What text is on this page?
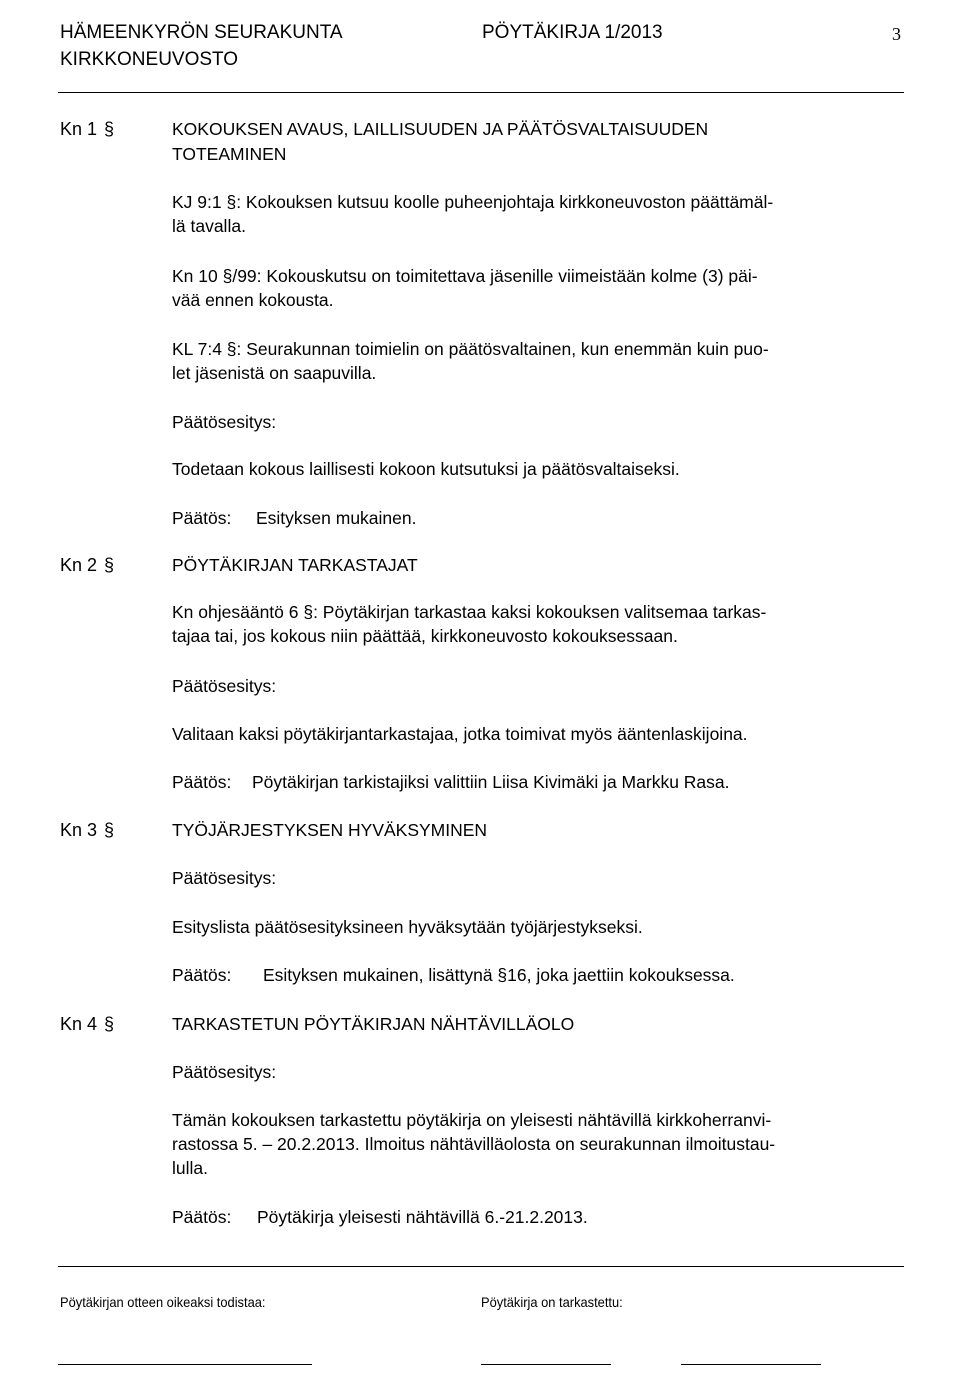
HÄMEENKYRÖN SEURAKUNTA
KIRKKONEUVOSTO
PÖYTÄKIRJA 1/2013	3
Kn 1 §	KOKOUKSEN AVAUS, LAILLISUUDEN JA PÄÄTÖSVALTAISUUDEN
TOTEAMINEN
KJ 9:1 §: Kokouksen kutsuu koolle puheenjohtaja kirkkoneuvoston päättämäl-
lä tavalla.
Kn 10 §/99: Kokouskutsu on toimitettava jäsenille viimeistään kolme (3) päi-
vää ennen kokousta.
KL 7:4 §: Seurakunnan toimielin on päätösvaltainen, kun enemmän kuin puo-
let jäsenistä on saapuvilla.
Päätösesitys:
Todetaan kokous laillisesti kokoon kutsutuksi ja päätösvaltaiseksi.
Päätös: Esityksen mukainen.
Kn 2 §	PÖYTÄKIRJAN TARKASTAJAT
Kn ohjesääntö 6 §: Pöytäkirjan tarkastaa kaksi kokouksen valitsemaa tarkas-
tajaa tai, jos kokous niin päättää, kirkkoneuvosto kokouksessaan.
Päätösesitys:
Valitaan kaksi pöytäkirjantarkastajaa, jotka toimivat myös ääntenlaskijoina.
Päätös: Pöytäkirjan tarkistajiksi valittiin Liisa Kivimäki ja Markku Rasa.
Kn 3 §	TYÖJÄRJESTYKSEN HYVÄKSYMINEN
Päätösesitys:
Esityslista päätösesityksineen hyväksytään työjärjestykseksi.
Päätös: Esityksen mukainen, lisättynä §16, joka jaettiin kokouksessa.
Kn 4 §	TARKASTETUN PÖYTÄKIRJAN NÄHTÄVILLÄOLO
Päätösesitys:
Tämän kokouksen tarkastettu pöytäkirja on yleisesti nähtävillä kirkkoherranvi-
rastossa 5. – 20.2.2013. Ilmoitus nähtävilläolosta on seurakunnan ilmoitustau-
lulla.
Päätös: Pöytäkirja yleisesti nähtävillä 6.-21.2.2013.
Pöytäkirjan otteen oikeaksi todistaa:	Pöytäkirja on tarkastettu:
